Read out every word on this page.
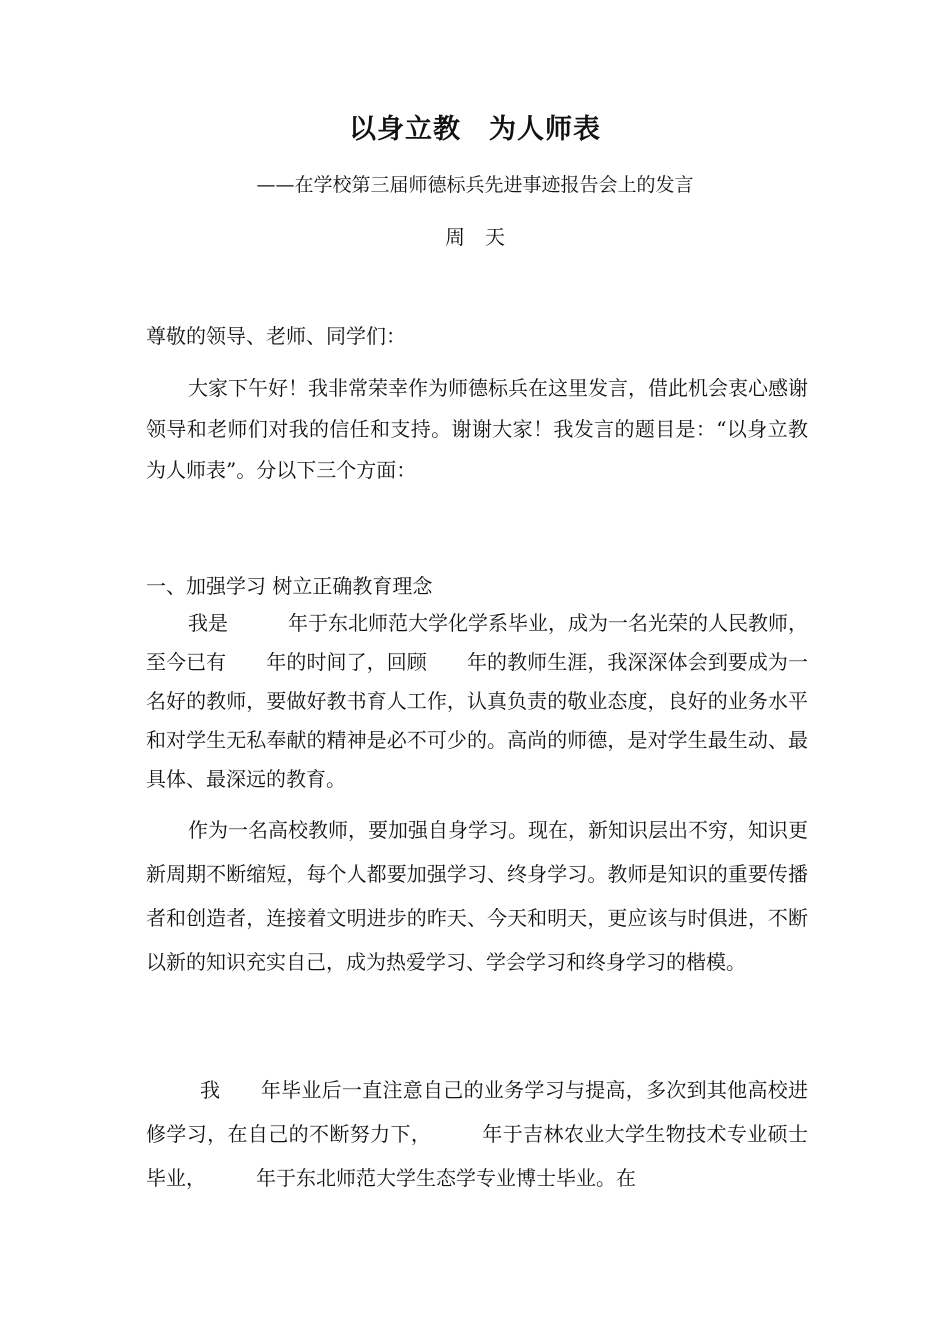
以身立教　为人师表
——在学校第三届师德标兵先进事迹报告会上的发言
周　天

尊敬的领导、老师、同学们：

大家下午好！我非常荣幸作为师德标兵在这里发言，借此机会衷心感谢领导和老师们对我的信任和支持。谢谢大家！我发言的题目是：“以身立教　为人师表”。分以下三个方面：

一、加强学习 树立正确教育理念

我是　　　年于东北师范大学化学系毕业，成为一名光荣的人民教师，至今已有　　年的时间了，回顾　　年的教师生涯，我深深体会到要成为一名好的教师，要做好教书育人工作，认真负责的敬业态度，良好的业务水平和对学生无私奉献的精神是必不可少的。高尚的师德，是对学生最生动、最具体、最深远的教育。

作为一名高校教师，要加强自身学习。现在，新知识层出不穷，知识更新周期不断缩短，每个人都要加强学习、终身学习。教师是知识的重要传播者和创造者，连接着文明进步的昨天、今天和明天，更应该与时俱进，不断以新的知识充实自己，成为热爱学习、学会学习和终身学习的楷模。

我　　年毕业后一直注意自己的业务学习与提高，多次到其他高校进修学习，在自己的不断努力下，　　　年于吉林农业大学生物技术专业硕士毕业，　　　年于东北师范大学生态学专业博士毕业。在
